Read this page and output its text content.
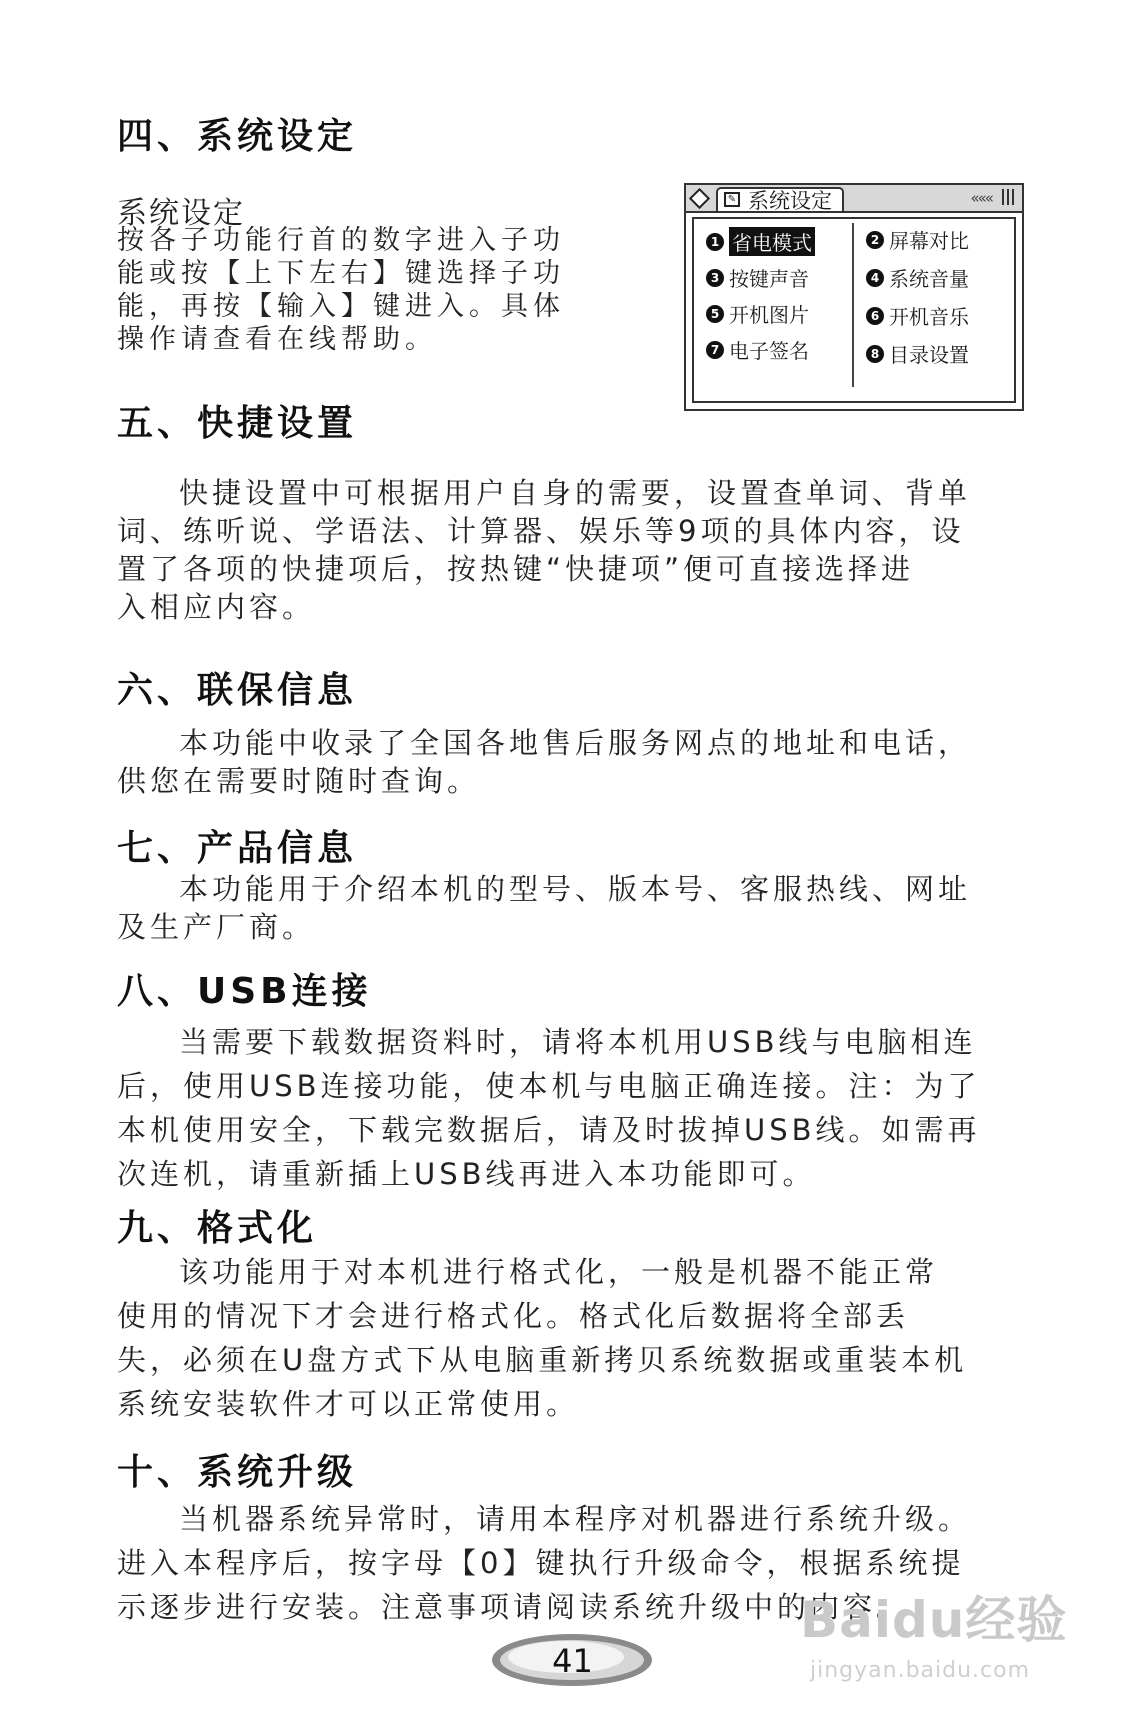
四、系统设定
系统设定
按各子功能行首的数字进入子功
能或按【上下左右】键选择子功
能，再按【输入】键进入。具体
操作请查看在线帮助。
✎ 系统设定	«««
1 省电模式	2 屏幕对比
3 按键声音	4 系统音量
5 开机图片	6 开机音乐
7 电子签名	8 目录设置
五、快捷设置

快捷设置中可根据用户自身的需要，设置查单词、背单
词、练听说、学语法、计算器、娱乐等9项的具体内容，设
置了各项的快捷项后，按热键“快捷项”便可直接选择进
入相应内容。

六、联保信息

本功能中收录了全国各地售后服务网点的地址和电话，
供您在需要时随时查询。

七、产品信息

本功能用于介绍本机的型号、版本号、客服热线、网址
及生产厂商。

八、USB连接

当需要下载数据资料时，请将本机用USB线与电脑相连
后，使用USB连接功能，使本机与电脑正确连接。注：为了
本机使用安全，下载完数据后，请及时拔掉USB线。如需再
次连机，请重新插上USB线再进入本功能即可。

九、格式化

该功能用于对本机进行格式化，一般是机器不能正常
使用的情况下才会进行格式化。格式化后数据将全部丢
失，必须在U盘方式下从电脑重新拷贝系统数据或重装本机
系统安装软件才可以正常使用。

十、系统升级

当机器系统异常时，请用本程序对机器进行系统升级。
进入本程序后，按字母【0】键执行升级命令，根据系统提
示逐步进行安装。注意事项请阅读系统升级中的内容。

41
Baidu经验
jingyan.baidu.com
